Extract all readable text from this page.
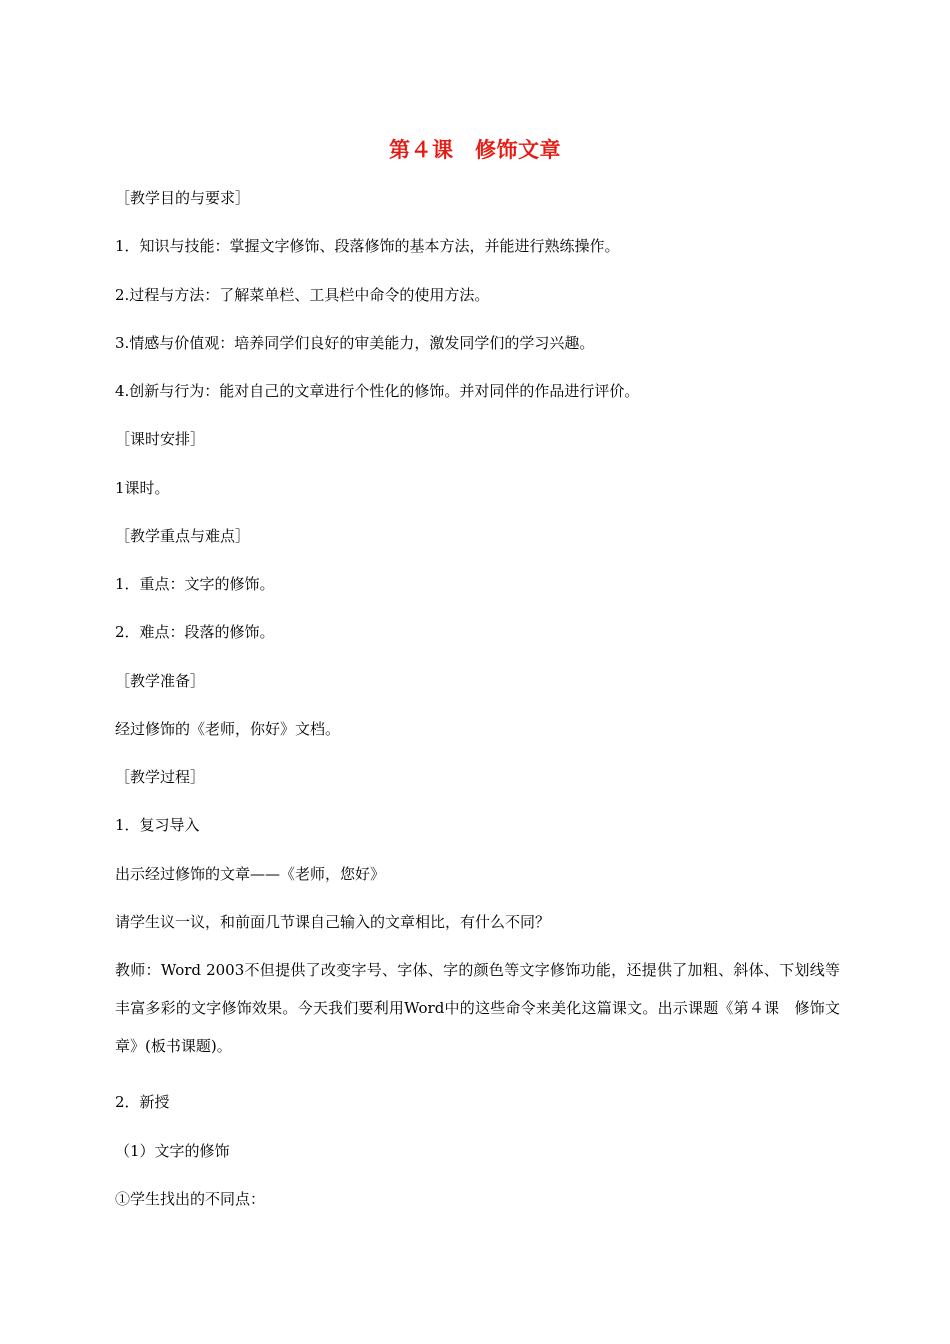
第４课　修饰文章
［教学目的与要求］
1．知识与技能：掌握文字修饰、段落修饰的基本方法，并能进行熟练操作。
2.过程与方法：了解菜单栏、工具栏中命令的使用方法。
3.情感与价值观：培养同学们良好的审美能力，激发同学们的学习兴趣。
4.创新与行为：能对自己的文章进行个性化的修饰。并对同伴的作品进行评价。
［课时安排］
1课时。
［教学重点与难点］
1．重点：文字的修饰。
2．难点：段落的修饰。
［教学准备］
经过修饰的《老师，你好》文档。
［教学过程］
1．复习导入
出示经过修饰的文章——《老师，您好》
请学生议一议，和前面几节课自己输入的文章相比，有什么不同？
教师：Word 2003不但提供了改变字号、字体、字的颜色等文字修饰功能，还提供了加粗、斜体、下划线等丰富多彩的文字修饰效果。今天我们要利用Word中的这些命令来美化这篇课文。出示课题《第４课　修饰文章》(板书课题)。
2．新授
（1）文字的修饰
①学生找出的不同点：
